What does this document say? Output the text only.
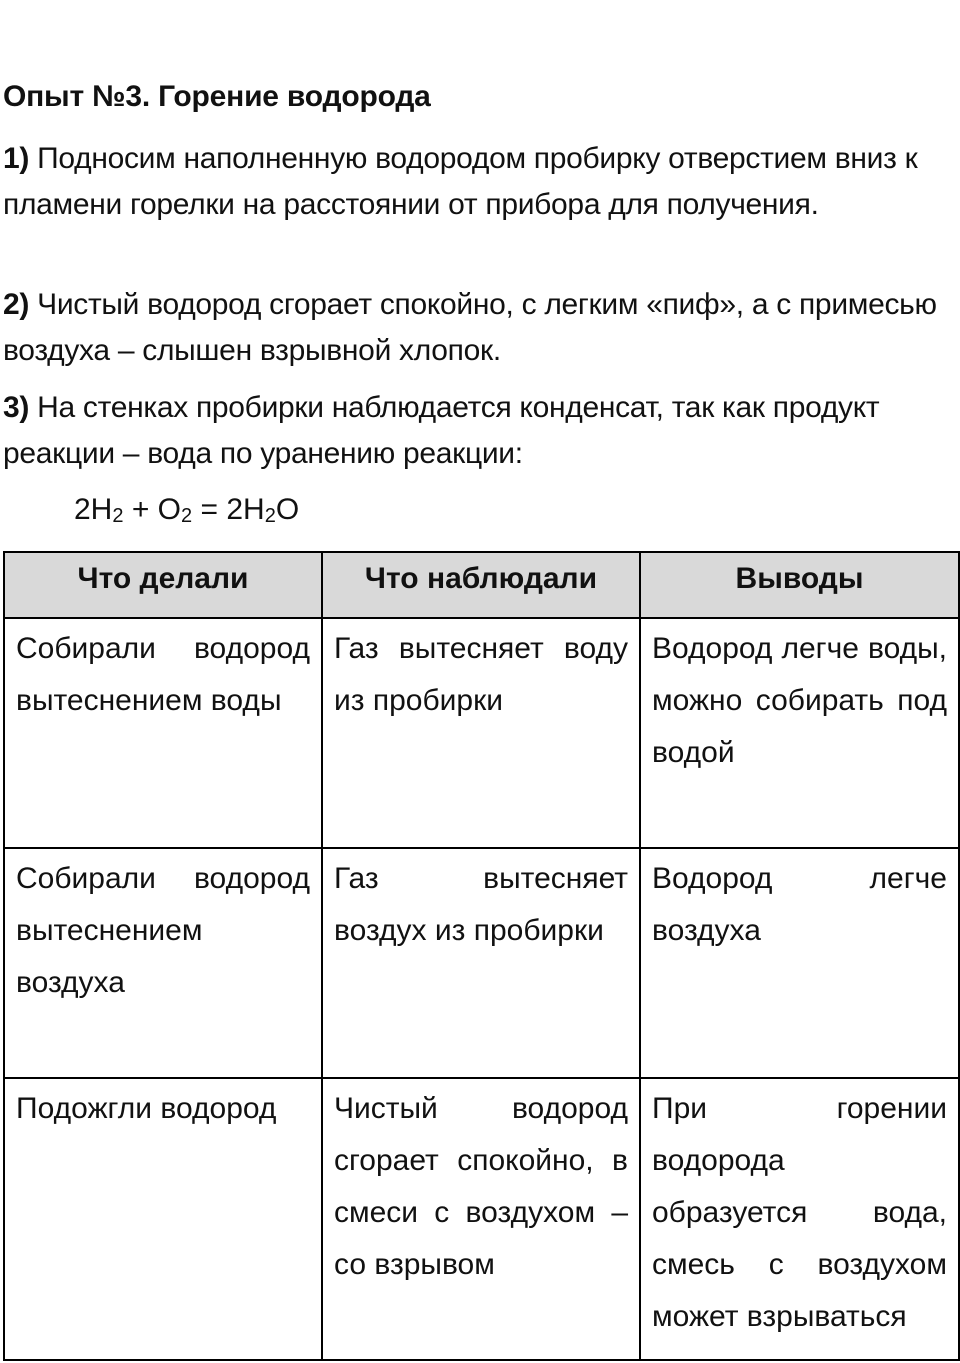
Опыт №3. Горение водорода
1) Подносим наполненную водородом пробирку отверстием вниз к пламени горелки на расстоянии от прибора для получения.
2) Чистый водород сгорает спокойно, с легким «пиф», а с примесью воздуха – слышен взрывной хлопок.
3) На стенках пробирки наблюдается конденсат, так как продукт реакции – вода по уранению реакции:
$2H_2 + O_2 = 2H_2O$
Что делали	Что наблюдали	Выводы
Собирали водород вытеснением воды	Газ вытесняет воду из пробирки	Водород легче воды, можно собирать под водой
Собирали водород вытеснением воздуха	Газ вытесняет воздух из пробирки	Водород легче воздуха
Подожгли водород	Чистый водород сгорает спокойно, в смеси с воздухом – со взрывом	При горении водорода образуется вода, смесь с воздухом может взрываться
